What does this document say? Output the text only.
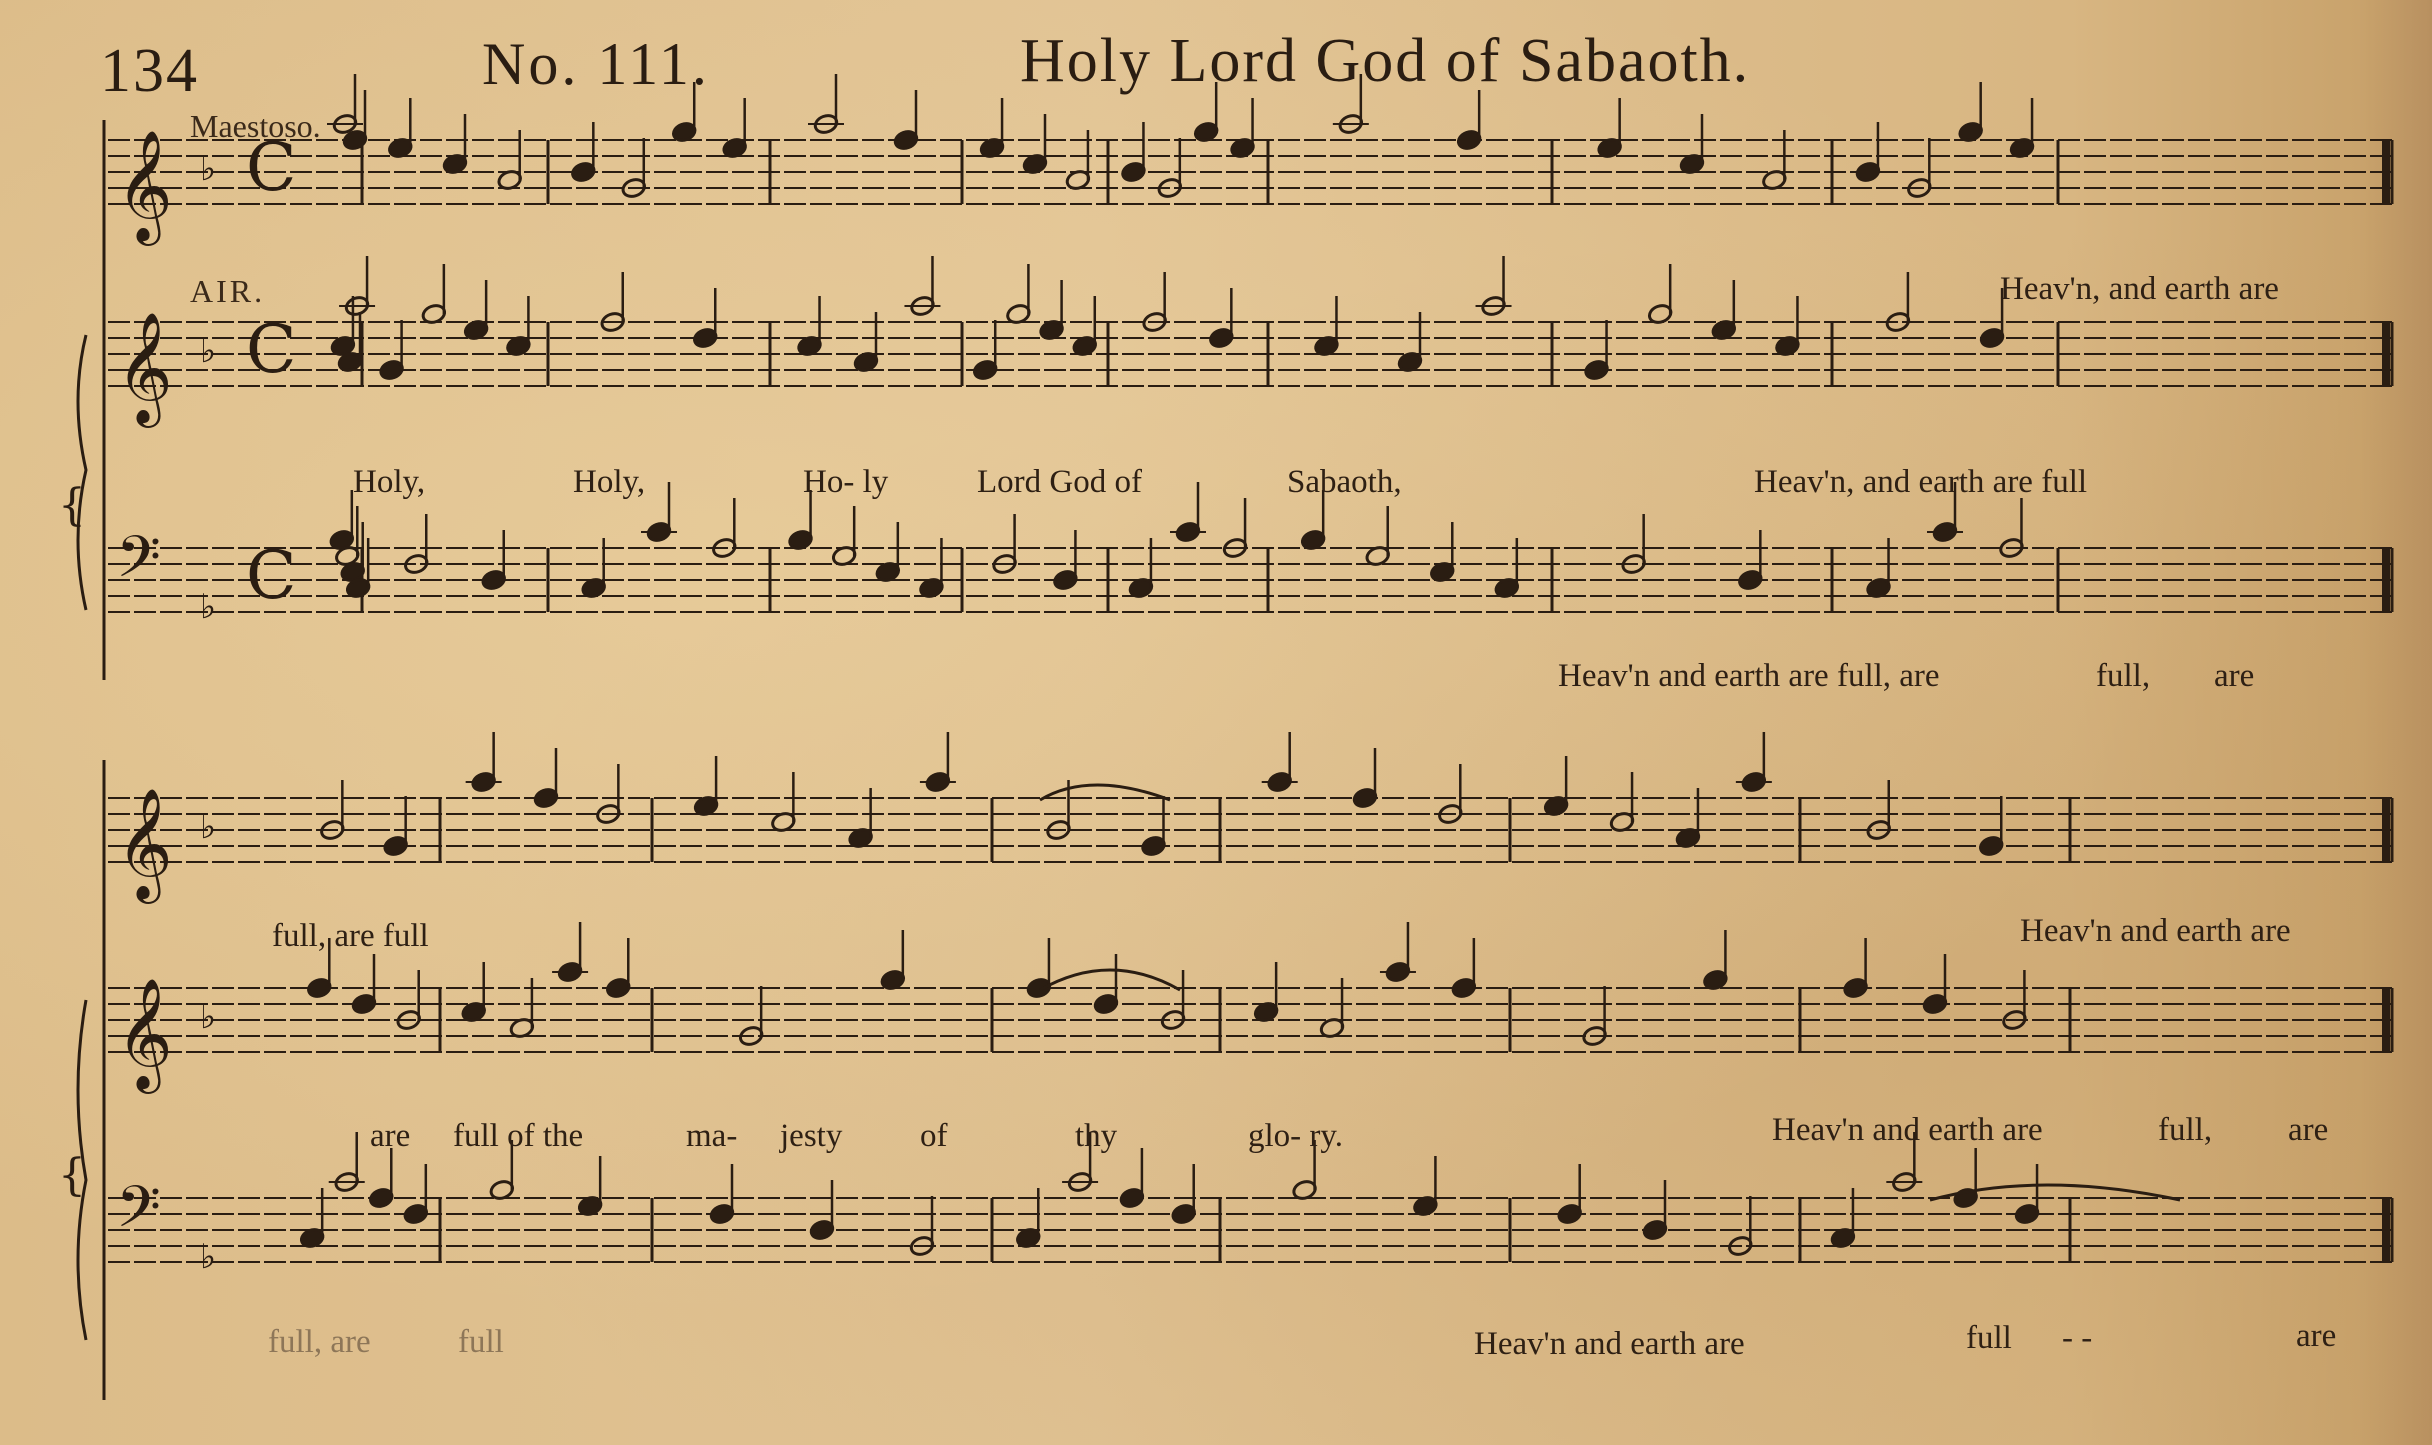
134	No. 111.	Holy Lord God of Sabaoth.
𝄞 ♭ C
𝄞 ♭ C
𝄢
♭ C
𝄞 ♭
𝄞 ♭
𝄢
♭
{
{
Maestoso.
AIR.	Heav'n, and earth are
Holy,	Holy,	Ho- ly	Lord God of	Sabaoth,	Heav'n, and earth are full
Heav'n and earth are full, are	full, are
full, are full	Heav'n and earth are
are full of the	ma- jesty of	thy	glo- ry.	Heav'n and earth are	full, are
full, are	full	Heav'n and earth are	full - -	are
